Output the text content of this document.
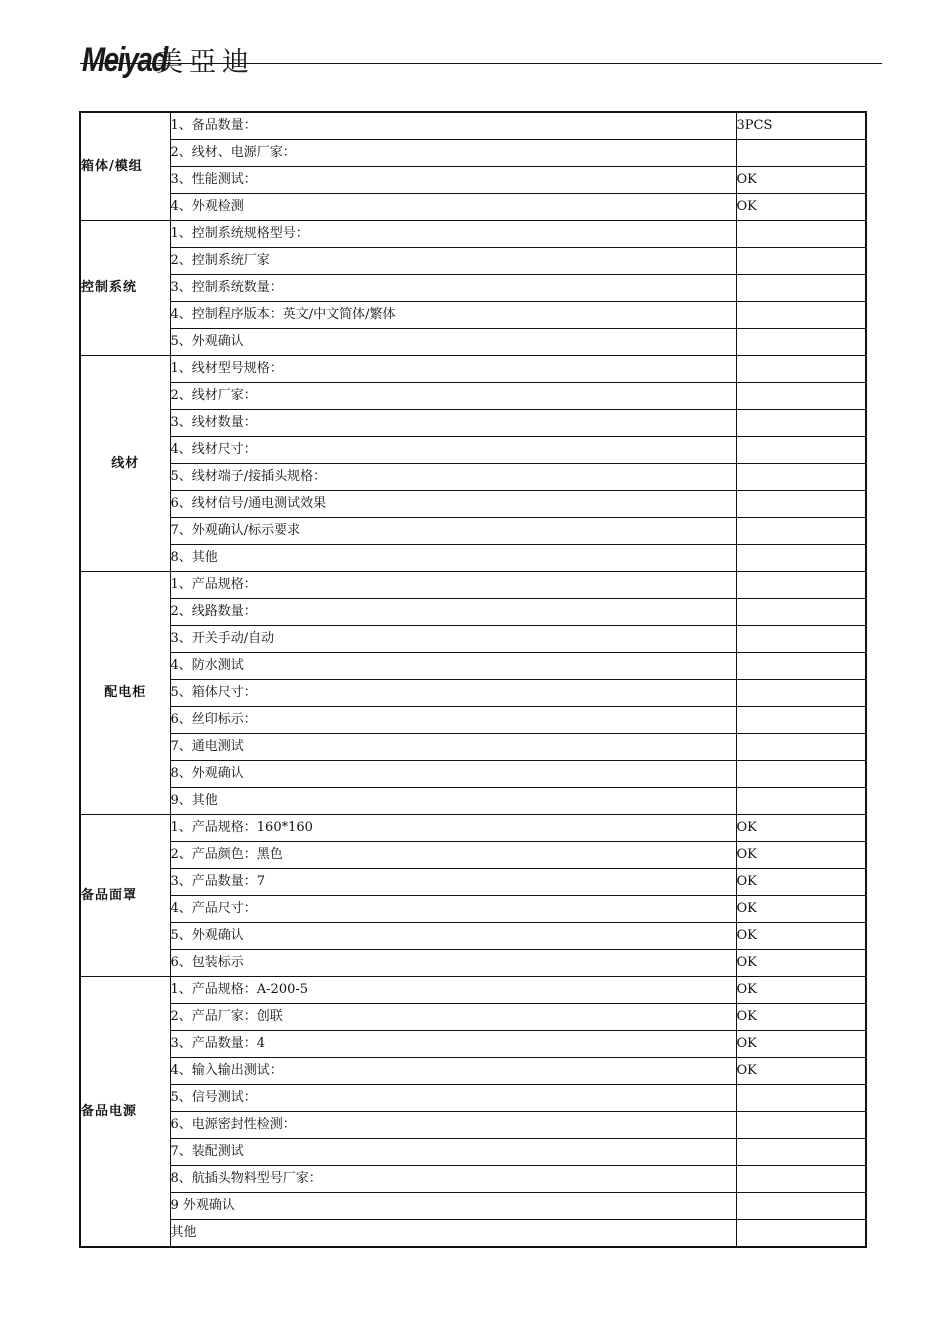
Meiyad
美亞迪
箱体/模组	1、备品数量：	3PCS
	2、线材、电源厂家：	
	3、性能测试：	OK
	4、外观检测	OK
控制系统	1、控制系统规格型号：	
	2、控制系统厂家	
	3、控制系统数量：	
	4、控制程序版本：英文/中文简体/繁体	
	5、外观确认	
线材	1、线材型号规格：	
	2、线材厂家：	
	3、线材数量：	
	4、线材尺寸：	
	5、线材端子/接插头规格：	
	6、线材信号/通电测试效果	
	7、外观确认/标示要求	
	8、其他	
配电柜	1、产品规格：	
	2、线路数量：	
	3、开关手动/自动	
	4、防水测试	
	5、箱体尺寸：	
	6、丝印标示：	
	7、通电测试	
	8、外观确认	
	9、其他	
备品面罩	1、产品规格：160*160	OK
	2、产品颜色：黑色	OK
	3、产品数量：7	OK
	4、产品尺寸：	OK
	5、外观确认	OK
	6、包装标示	OK
备品电源	1、产品规格：A-200-5	OK
	2、产品厂家：创联	OK
	3、产品数量：4	OK
	4、输入输出测试：	OK
	5、信号测试：	
	6、电源密封性检测：	
	7、装配测试	
	8、航插头物料型号厂家：	
	9 外观确认	
	其他	
